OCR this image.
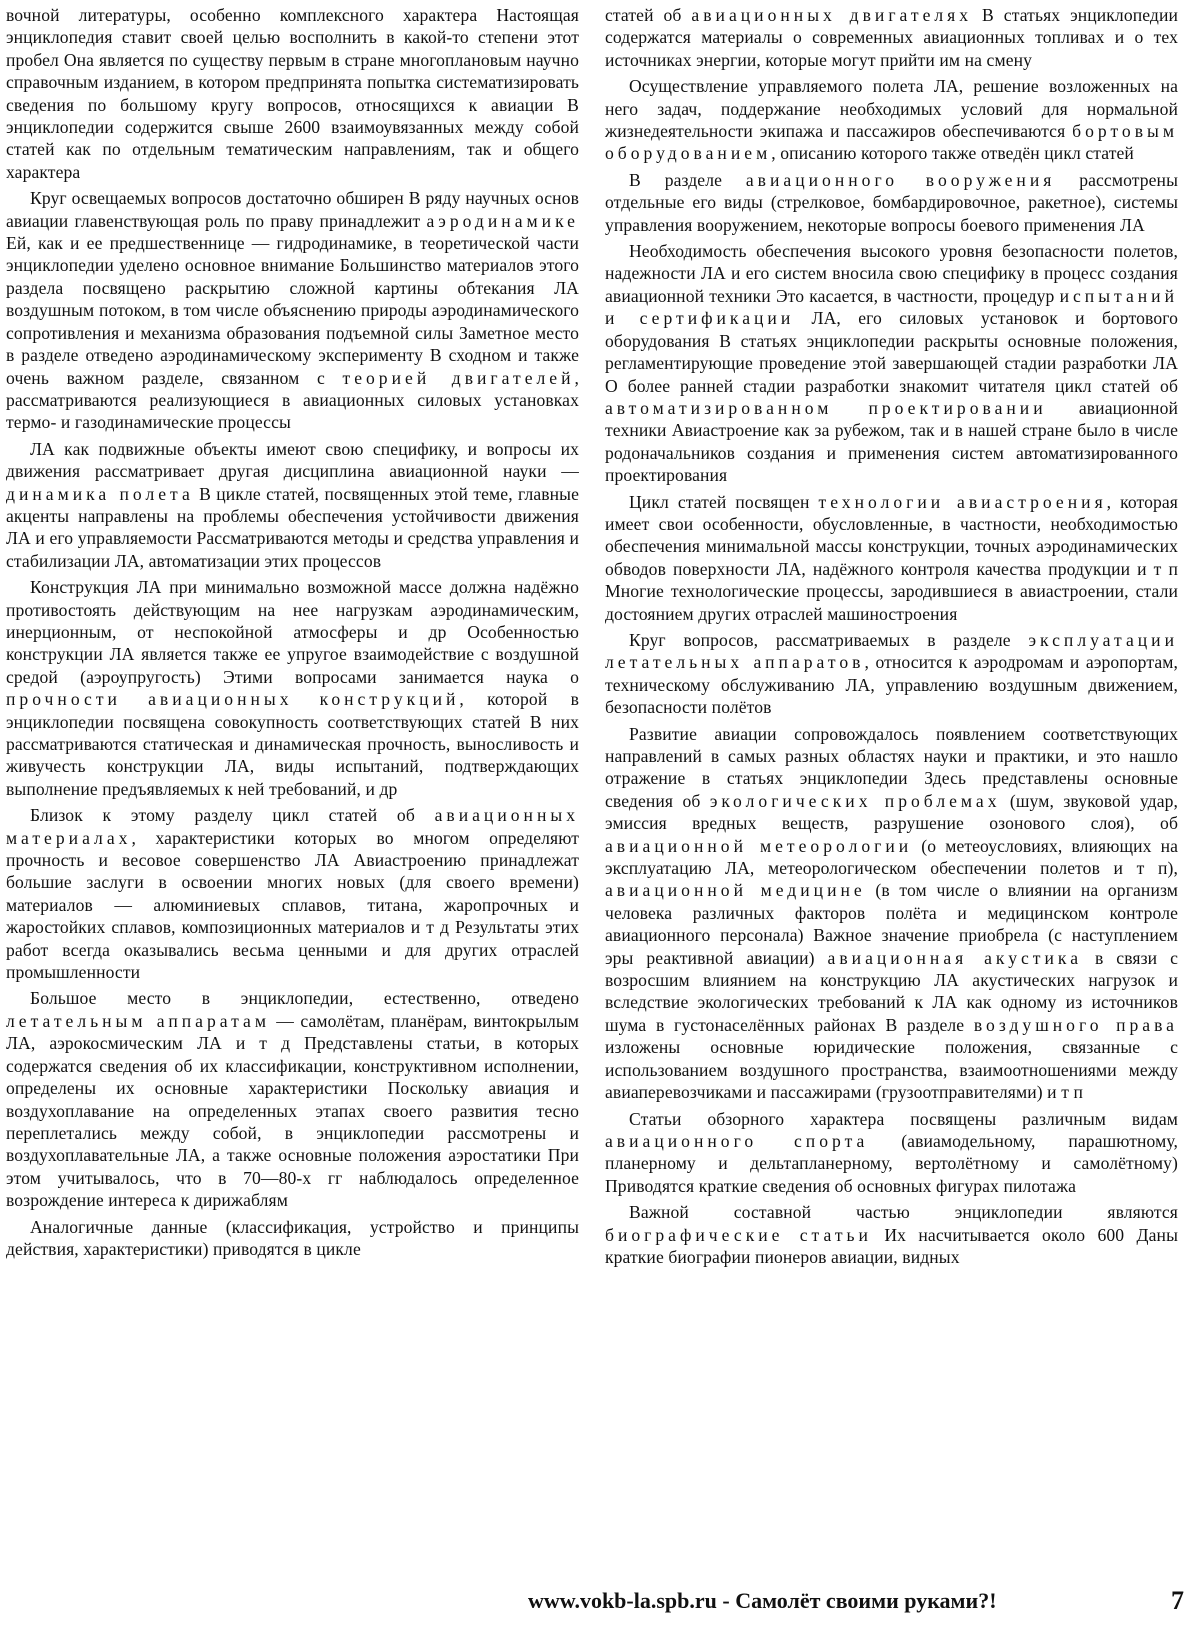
вочной литературы, особенно комплексного характера Настоящая энциклопедия ставит своей целью восполнить в какой-то степени этот пробел Она является по существу первым в стране многоплановым научно справочным изданием, в котором предпринята попытка систематизировать сведения по большому кругу вопросов, относящихся к авиации В энциклопедии содержится свыше 2600 взаимоувязанных между собой статей как по отдельным тематическим направлениям, так и общего характера

Круг освещаемых вопросов достаточно обширен В ряду научных основ авиации главенствующая роль по праву принадлежит аэродинамике Ей, как и ее предшественнице — гидродинамике, в теоретической части энциклопедии уделено основное внимание Большинство материалов этого раздела посвящено раскрытию сложной картины обтекания ЛА воздушным потоком, в том числе объяснению природы аэродинамического сопротивления и механизма образования подъемной силы Заметное место в разделе отведено аэродинамическому эксперименту В сходном и также очень важном разделе, связанном с теорией двигателей, рассматриваются реализующиеся в авиационных силовых установках термо- и газодинамические процессы

ЛА как подвижные объекты имеют свою специфику, и вопросы их движения рассматривает другая дисциплина авиационной науки — динамика полета В цикле статей, посвященных этой теме, главные акценты направлены на проблемы обеспечения устойчивости движения ЛА и его управляемости Рассматриваются методы и средства управления и стабилизации ЛА, автоматизации этих процессов

Конструкция ЛА при минимально возможной массе должна надёжно противостоять действующим на нее нагрузкам аэродинамическим, инерционным, от неспокойной атмосферы и др Особенностью конструкции ЛА является также ее упругое взаимодействие с воздушной средой (аэроупругость) Этими вопросами занимается наука о прочности авиационных конструкций, которой в энциклопедии посвящена совокупность соответствующих статей В них рассматриваются статическая и динамическая прочность, выносливость и живучесть конструкции ЛА, виды испытаний, подтверждающих выполнение предъявляемых к ней требований, и др

Близок к этому разделу цикл статей об авиационных материалах, характеристики которых во многом определяют прочность и весовое совершенство ЛА Авиастроению принадлежат большие заслуги в освоении многих новых (для своего времени) материалов — алюминиевых сплавов, титана, жаропрочных и жаростойких сплавов, композиционных материалов и т д Результаты этих работ всегда оказывались весьма ценными и для других отраслей промышленности

Большое место в энциклопедии, естественно, отведено летательным аппаратам — самолётам, планёрам, винтокрылым ЛА, аэрокосмическим ЛА и т д Представлены статьи, в которых содержатся сведения об их классификации, конструктивном исполнении, определены их основные характеристики Поскольку авиация и воздухоплавание на определенных этапах своего развития тесно переплетались между собой, в энциклопедии рассмотрены и воздухоплавательные ЛА, а также основные положения аэростатики При этом учитывалось, что в 70—80-х гг наблюдалось определенное возрождение интереса к дирижаблям

Аналогичные данные (классификация, устройство и принципы действия, характеристики) приводятся в цикле

статей об авиационных двигателях В статьях энциклопедии содержатся материалы о современных авиационных топливах и о тех источниках энергии, которые могут прийти им на смену

Осуществление управляемого полета ЛА, решение возложенных на него задач, поддержание необходимых условий для нормальной жизнедеятельности экипажа и пассажиров обеспечиваются бортовым оборудованием, описанию которого также отведён цикл статей

В разделе авиационного вооружения рассмотрены отдельные его виды (стрелковое, бомбардировочное, ракетное), системы управления вооружением, некоторые вопросы боевого применения ЛА

Необходимость обеспечения высокого уровня безопасности полетов, надежности ЛА и его систем вносила свою специфику в процесс создания авиационной техники Это касается, в частности, процедур испытаний и сертификации ЛА, его силовых установок и бортового оборудования В статьях энциклопедии раскрыты основные положения, регламентирующие проведение этой завершающей стадии разработки ЛА О более ранней стадии разработки знакомит читателя цикл статей об автоматизированном проектировании авиационной техники Авиастроение как за рубежом, так и в нашей стране было в числе родоначальников создания и применения систем автоматизированного проектирования

Цикл статей посвящен технологии авиастроения, которая имеет свои особенности, обусловленные, в частности, необходимостью обеспечения минимальной массы конструкции, точных аэродинамических обводов поверхности ЛА, надёжного контроля качества продукции и т п Многие технологические процессы, зародившиеся в авиастроении, стали достоянием других отраслей машиностроения

Круг вопросов, рассматриваемых в разделе эксплуатации летательных аппаратов, относится к аэродромам и аэропортам, техническому обслуживанию ЛА, управлению воздушным движением, безопасности полётов

Развитие авиации сопровождалось появлением соответствующих направлений в самых разных областях науки и практики, и это нашло отражение в статьях энциклопедии Здесь представлены основные сведения об экологических проблемах (шум, звуковой удар, эмиссия вредных веществ, разрушение озонового слоя), об авиационной метеорологии (о метеоусловиях, влияющих на эксплуатацию ЛА, метеорологическом обеспечении полетов и т п), авиационной медицине (в том числе о влиянии на организм человека различных факторов полёта и медицинском контроле авиационного персонала) Важное значение приобрела (с наступлением эры реактивной авиации) авиационная акустика в связи с возросшим влиянием на конструкцию ЛА акустических нагрузок и вследствие экологических требований к ЛА как одному из источников шума в густонаселённых районах В разделе воздушного права изложены основные юридические положения, связанные с использованием воздушного пространства, взаимоотношениями между авиаперевозчиками и пассажирами (грузоотправителями) и т п

Статьи обзорного характера посвящены различным видам авиационного спорта (авиамодельному, парашютному, планерному и дельтапланерному, вертолётному и самолётному) Приводятся краткие сведения об основных фигурах пилотажа

Важной составной частью энциклопедии являются биографические статьи Их насчитывается около 600 Даны краткие биографии пионеров авиации, видных

www.vokb-la.spb.ru - Самолёт своими руками?!	7
